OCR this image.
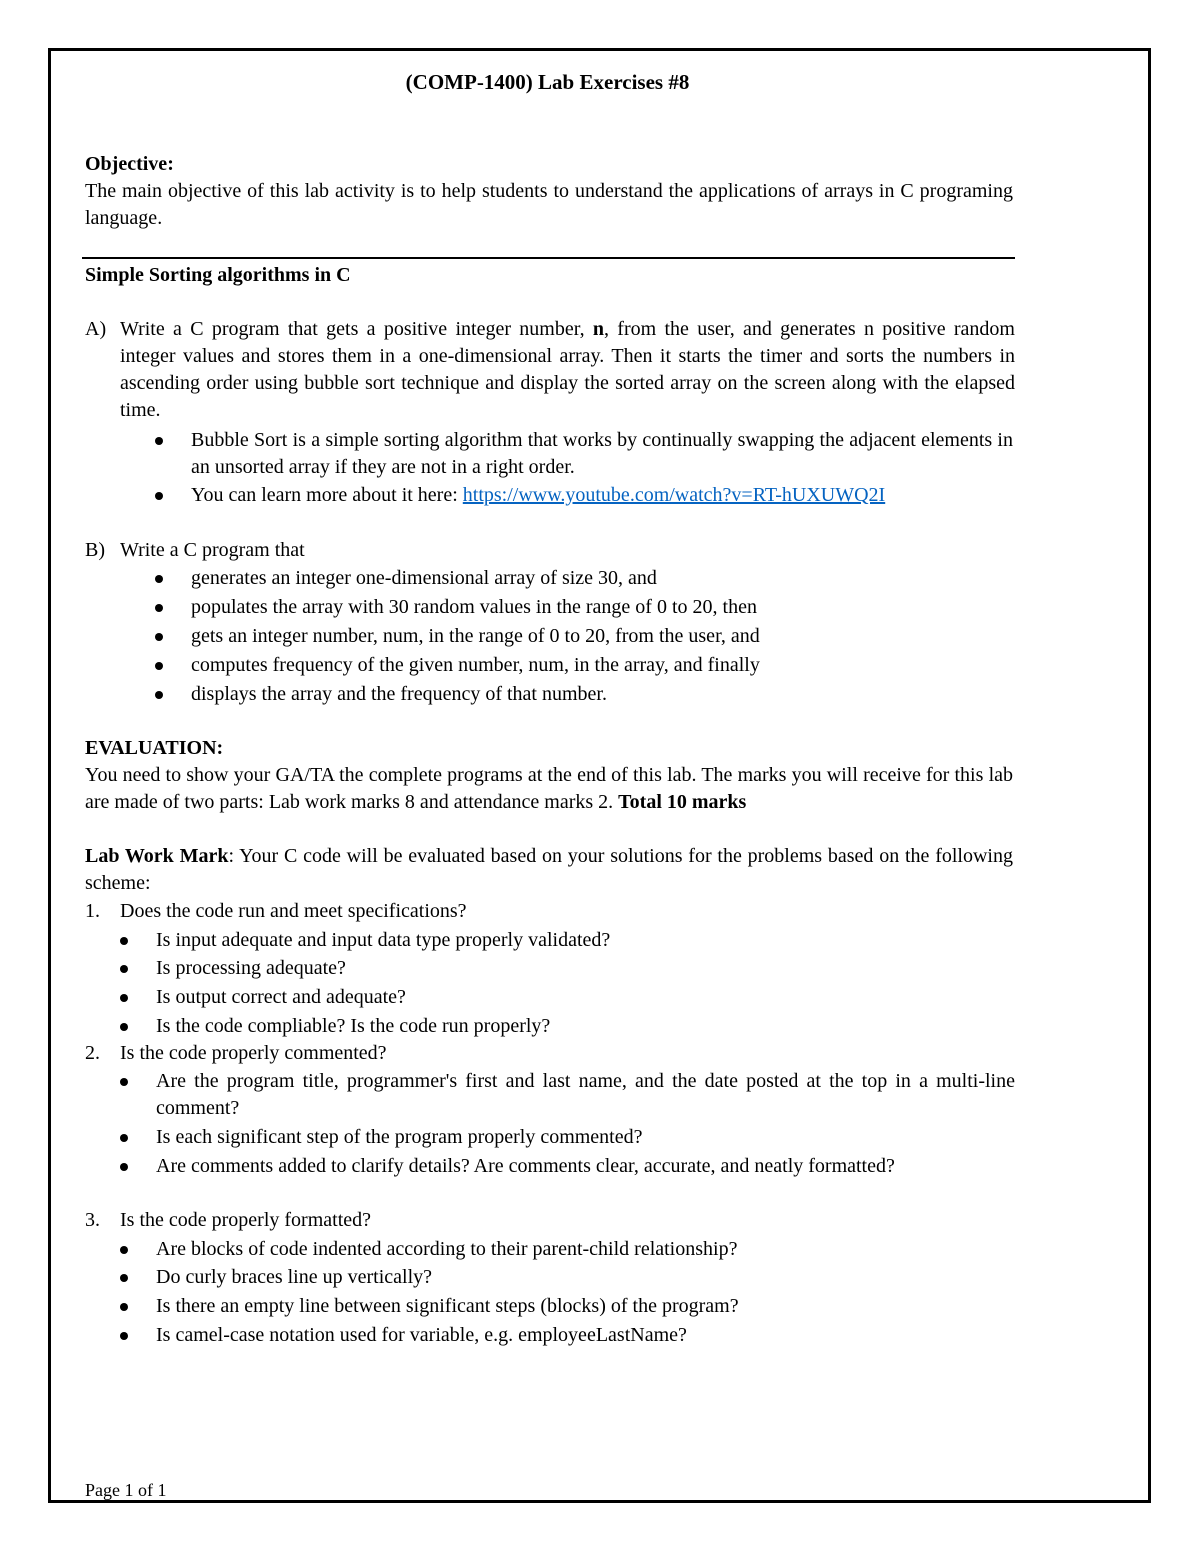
(COMP-1400) Lab Exercises #8
Objective:
The main objective of this lab activity is to help students to understand the applications of arrays in C programing language.
Simple Sorting algorithms in C
A) Write a C program that gets a positive integer number, n, from the user, and generates n positive random integer values and stores them in a one-dimensional array. Then it starts the timer and sorts the numbers in ascending order using bubble sort technique and display the sorted array on the screen along with the elapsed time.
Bubble Sort is a simple sorting algorithm that works by continually swapping the adjacent elements in an unsorted array if they are not in a right order.
You can learn more about it here: https://www.youtube.com/watch?v=RT-hUXUWQ2I
B) Write a C program that
generates an integer one-dimensional array of size 30, and
populates the array with 30 random values in the range of 0 to 20, then
gets an integer number, num, in the range of 0 to 20, from the user, and
computes frequency of the given number, num, in the array, and finally
displays the array and the frequency of that number.
EVALUATION:
You need to show your GA/TA the complete programs at the end of this lab. The marks you will receive for this lab are made of two parts: Lab work marks 8 and attendance marks 2. Total 10 marks
Lab Work Mark: Your C code will be evaluated based on your solutions for the problems based on the following scheme:
1. Does the code run and meet specifications?
Is input adequate and input data type properly validated?
Is processing adequate?
Is output correct and adequate?
Is the code compliable? Is the code run properly?
2. Is the code properly commented?
Are the program title, programmer's first and last name, and the date posted at the top in a multi-line comment?
Is each significant step of the program properly commented?
Are comments added to clarify details? Are comments clear, accurate, and neatly formatted?
3. Is the code properly formatted?
Are blocks of code indented according to their parent-child relationship?
Do curly braces line up vertically?
Is there an empty line between significant steps (blocks) of the program?
Is camel-case notation used for variable, e.g. employeeLastName?
Page 1 of 1
